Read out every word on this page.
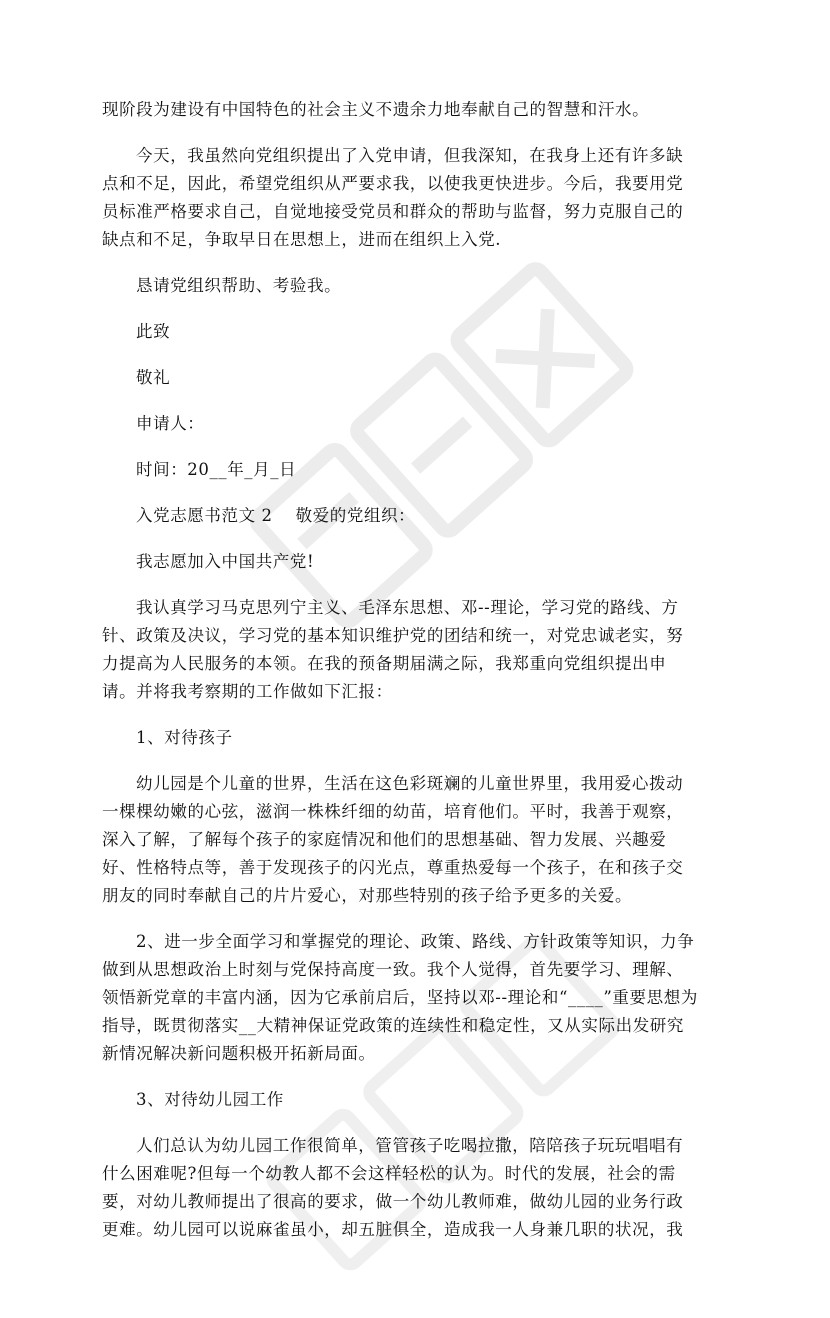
现阶段为建设有中国特色的社会主义不遗余力地奉献自己的智慧和汗水。
今天，我虽然向党组织提出了入党申请，但我深知，在我身上还有许多缺
点和不足，因此，希望党组织从严要求我，以使我更快进步。今后，我要用党
员标准严格要求自己，自觉地接受党员和群众的帮助与监督，努力克服自己的
缺点和不足，争取早日在思想上，进而在组织上入党.
恳请党组织帮助、考验我。
此致
敬礼
申请人：
时间：20__年_月_日
入党志愿书范文 2　 敬爱的党组织：
我志愿加入中国共产党!
我认真学习马克思列宁主义、毛泽东思想、邓--理论，学习党的路线、方
针、政策及决议，学习党的基本知识维护党的团结和统一，对党忠诚老实，努
力提高为人民服务的本领。在我的预备期届满之际，我郑重向党组织提出申
请。并将我考察期的工作做如下汇报：
1、对待孩子
幼儿园是个儿童的世界，生活在这色彩斑斓的儿童世界里，我用爱心拨动
一棵棵幼嫩的心弦，滋润一株株纤细的幼苗，培育他们。平时，我善于观察，
深入了解，了解每个孩子的家庭情况和他们的思想基础、智力发展、兴趣爱
好、性格特点等，善于发现孩子的闪光点，尊重热爱每一个孩子，在和孩子交
朋友的同时奉献自己的片片爱心，对那些特别的孩子给予更多的关爱。
2、进一步全面学习和掌握党的理论、政策、路线、方针政策等知识，力争
做到从思想政治上时刻与党保持高度一致。我个人觉得，首先要学习、理解、
领悟新党章的丰富内涵，因为它承前启后，坚持以邓--理论和“____”重要思想为
指导，既贯彻落实__大精神保证党政策的连续性和稳定性，又从实际出发研究
新情况解决新问题积极开拓新局面。
3、对待幼儿园工作
人们总认为幼儿园工作很简单，管管孩子吃喝拉撒，陪陪孩子玩玩唱唱有
什么困难呢?但每一个幼教人都不会这样轻松的认为。时代的发展，社会的需
要，对幼儿教师提出了很高的要求，做一个幼儿教师难，做幼儿园的业务行政
更难。幼儿园可以说麻雀虽小，却五脏俱全，造成我一人身兼几职的状况，我
